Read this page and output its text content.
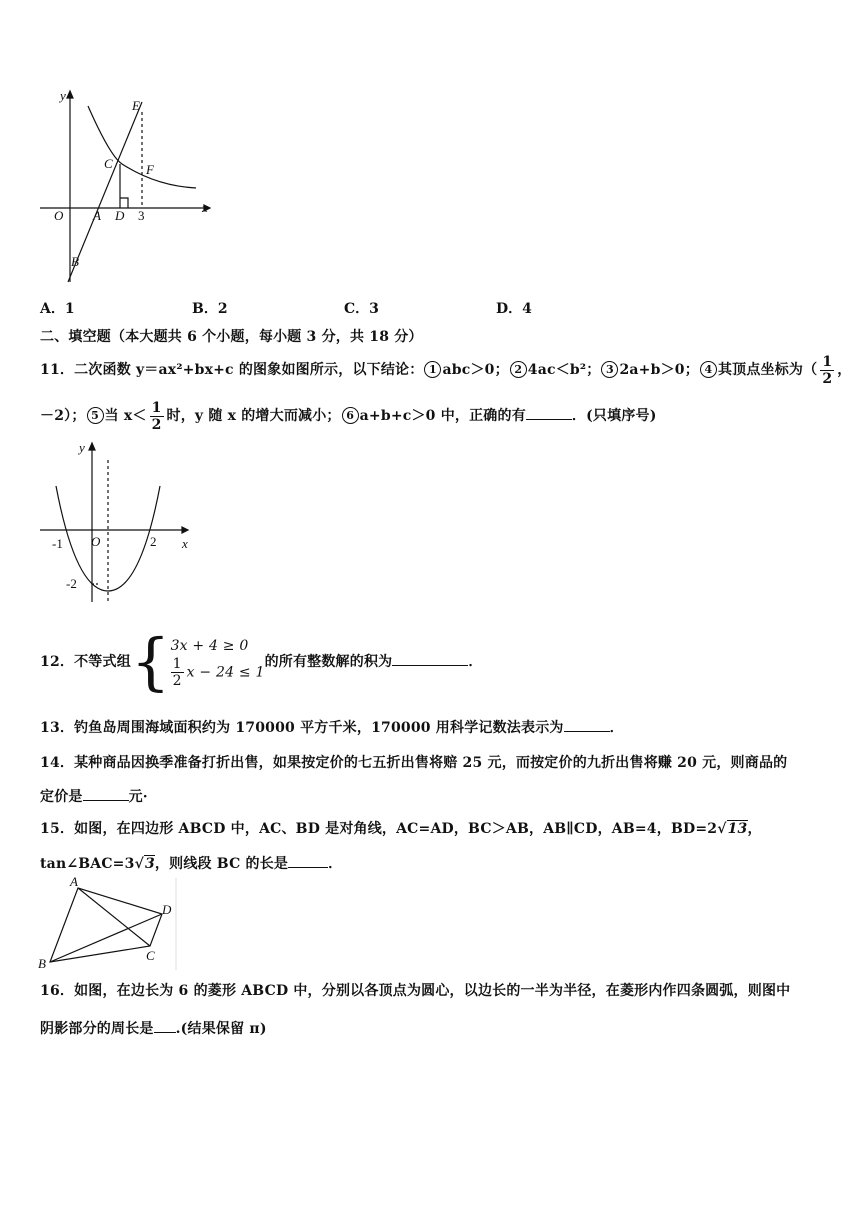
y
x
O A D 3
B
C
E
F
A．1	B．2	C．3	D．4
二、填空题（本大题共 6 个小题，每小题 3 分，共 18 分）
11．二次函数 y＝ax²+bx+c 的图象如图所示，以下结论： 1 abc＞0； 2 4ac＜b²； 3 2a+b＞0； 4 其顶点坐标为（ $\frac{1}{2}$ ，
－2）； 5 当 $x< \frac{1}{2}$ 时，y 随 x 的增大而减小； 6 a+b+c＞0 中，正确的有	．(只填序号)
y
x
O
-1	2
-2
12．不等式组{ 3x + 4 ≥ 0
$\frac{1}{2}$ x − 24 ≤ 1
的所有整数解的积为	．
13．钓鱼岛周围海域面积约为 170000 平方千米，170000 用科学记数法表示为	．
14．某种商品因换季准备打折出售，如果按定价的七五折出售将赔 25 元，而按定价的九折出售将赚 20 元，则商品的
定价是	元·
15．如图，在四边形 ABCD 中，AC、BD 是对角线，AC=AD，BC＞AB，AB∥CD，AB=4，BD=2√13，
tan∠BAC=3√3，则线段 BC 的长是	．
A
B
C
D
16．如图，在边长为 6 的菱形 ABCD 中，分别以各顶点为圆心，以边长的一半为半径，在菱形内作四条圆弧，则图中
阴影部分的周长是 .(结果保留 π)
